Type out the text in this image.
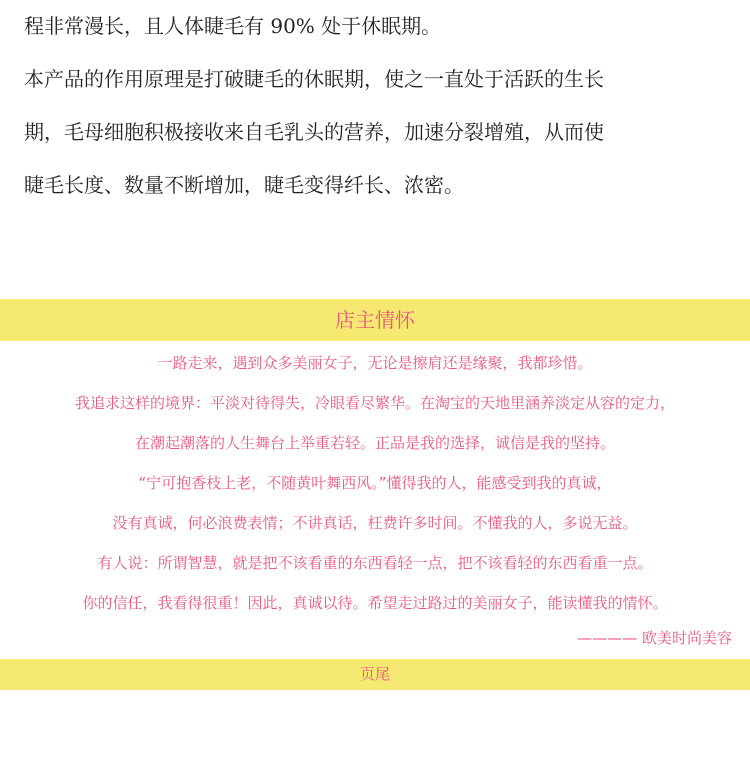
程非常漫长，且人体睫毛有 90% 处于休眠期。

本产品的作用原理是打破睫毛的休眠期，使之一直处于活跃的生长

期，毛母细胞积极接收来自毛乳头的营养，加速分裂增殖，从而使

睫毛长度、数量不断增加，睫毛变得纤长、浓密。

店主情怀

一路走来，遇到众多美丽女子，无论是擦肩还是缘聚，我都珍惜。

我追求这样的境界：平淡对待得失，冷眼看尽繁华。在淘宝的天地里涵养淡定从容的定力，

在潮起潮落的人生舞台上举重若轻。正品是我的选择，诚信是我的坚持。

“宁可抱香枝上老，不随黄叶舞西风。”懂得我的人，能感受到我的真诚，

没有真诚，何必浪费表情；不讲真话，枉费许多时间。不懂我的人，多说无益。

有人说：所谓智慧，就是把不该看重的东西看轻一点，把不该看轻的东西看重一点。

你的信任，我看得很重！因此，真诚以待。希望走过路过的美丽女子，能读懂我的情怀。

———— 欧美时尚美容
页尾
